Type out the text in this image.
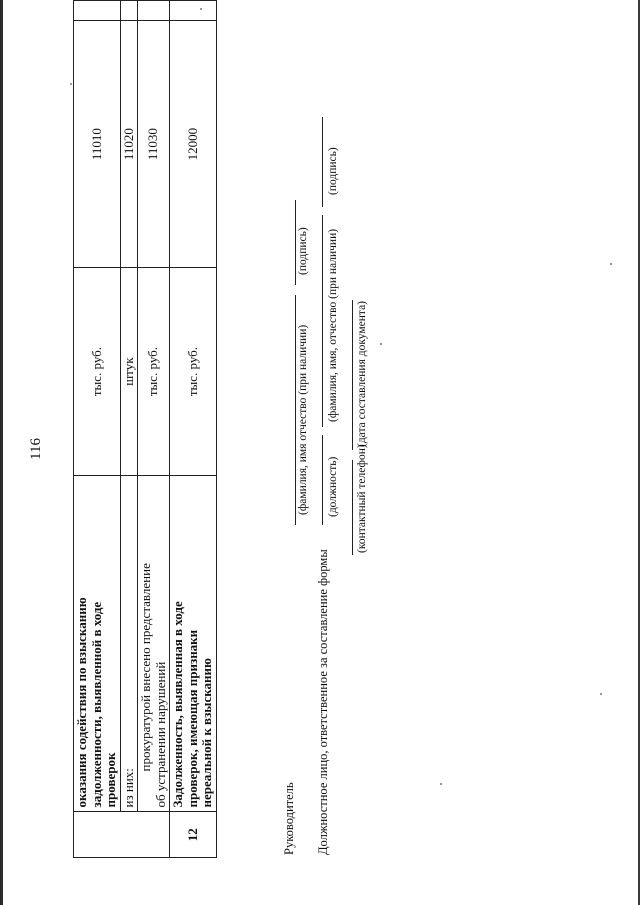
116

	оказания содействия по взысканию задолженности, выявленной в ходе проверок	тыс. руб.	11010	

	из них:	штук	11020	

	прокуратурой внесено представление об устранении нарушений	тыс. руб.	11030	
12	Задолженность, выявленная в ходе проверок, имеющая признаки нереальной к взысканию	тыс. руб.	12000	
Руководитель
(фамилия, имя отчество (при наличии)
(подпись)
Должностное лицо, ответственное за составление формы
(должность)
(фамилия, имя, отчество (при наличии)
(подпись)
(контактный телефон)
(дата составления документа)
